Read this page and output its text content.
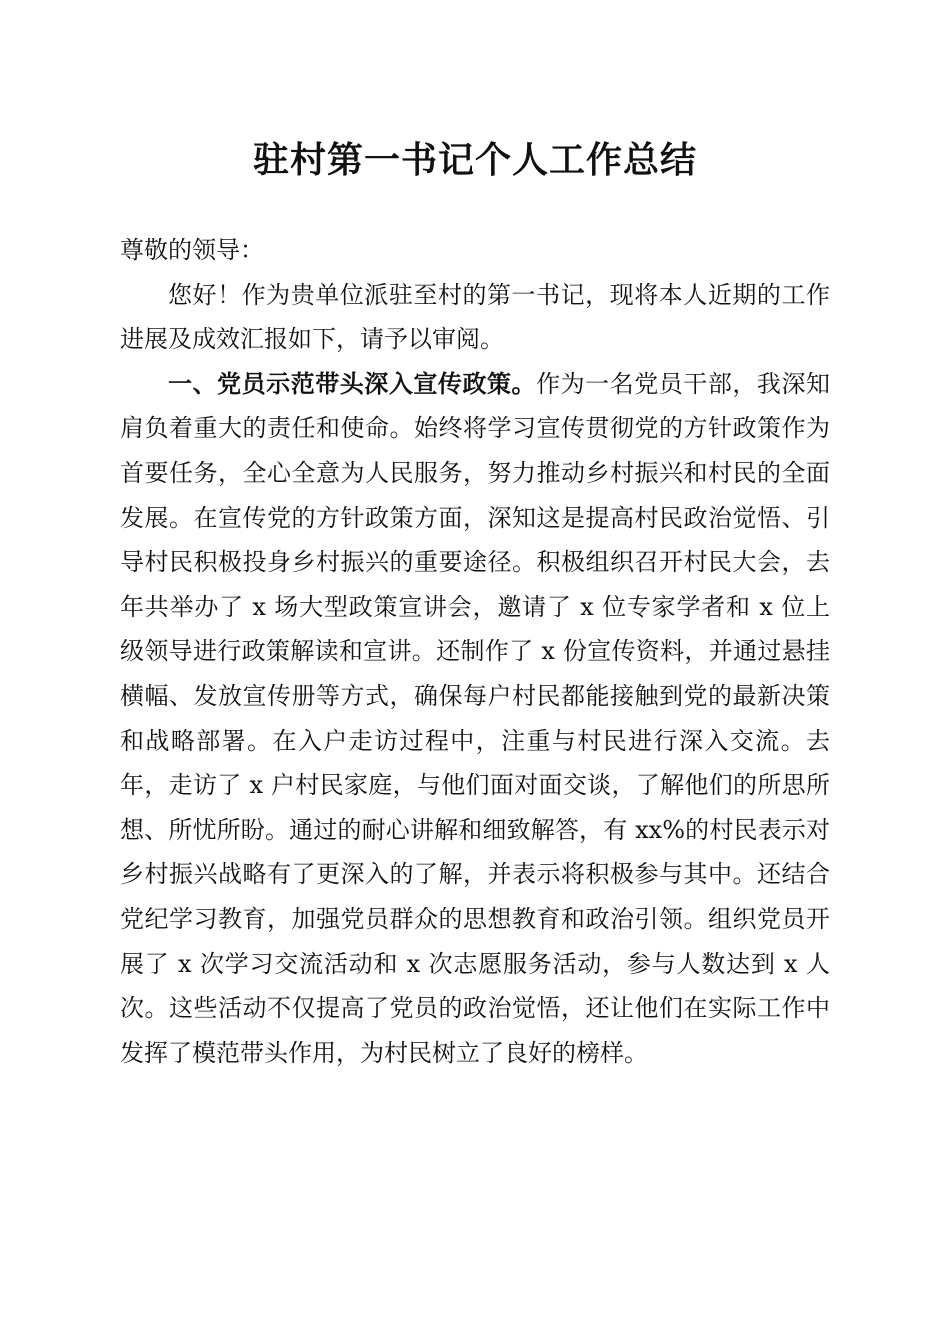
驻村第一书记个人工作总结

尊敬的领导：

您好！作为贵单位派驻至村的第一书记，现将本人近期的工作进展及成效汇报如下，请予以审阅。

一、党员示范带头深入宣传政策。作为一名党员干部，我深知肩负着重大的责任和使命。始终将学习宣传贯彻党的方针政策作为首要任务，全心全意为人民服务，努力推动乡村振兴和村民的全面发展。在宣传党的方针政策方面，深知这是提高村民政治觉悟、引导村民积极投身乡村振兴的重要途径。积极组织召开村民大会，去年共举办了 x 场大型政策宣讲会，邀请了 x 位专家学者和 x 位上级领导进行政策解读和宣讲。还制作了 x 份宣传资料，并通过悬挂横幅、发放宣传册等方式，确保每户村民都能接触到党的最新决策和战略部署。在入户走访过程中，注重与村民进行深入交流。去年，走访了 x 户村民家庭，与他们面对面交谈，了解他们的所思所想、所忧所盼。通过的耐心讲解和细致解答，有 xx%的村民表示对乡村振兴战略有了更深入的了解，并表示将积极参与其中。还结合党纪学习教育，加强党员群众的思想教育和政治引领。组织党员开展了 x 次学习交流活动和 x 次志愿服务活动，参与人数达到 x 人次。这些活动不仅提高了党员的政治觉悟，还让他们在实际工作中发挥了模范带头作用，为村民树立了良好的榜样。
